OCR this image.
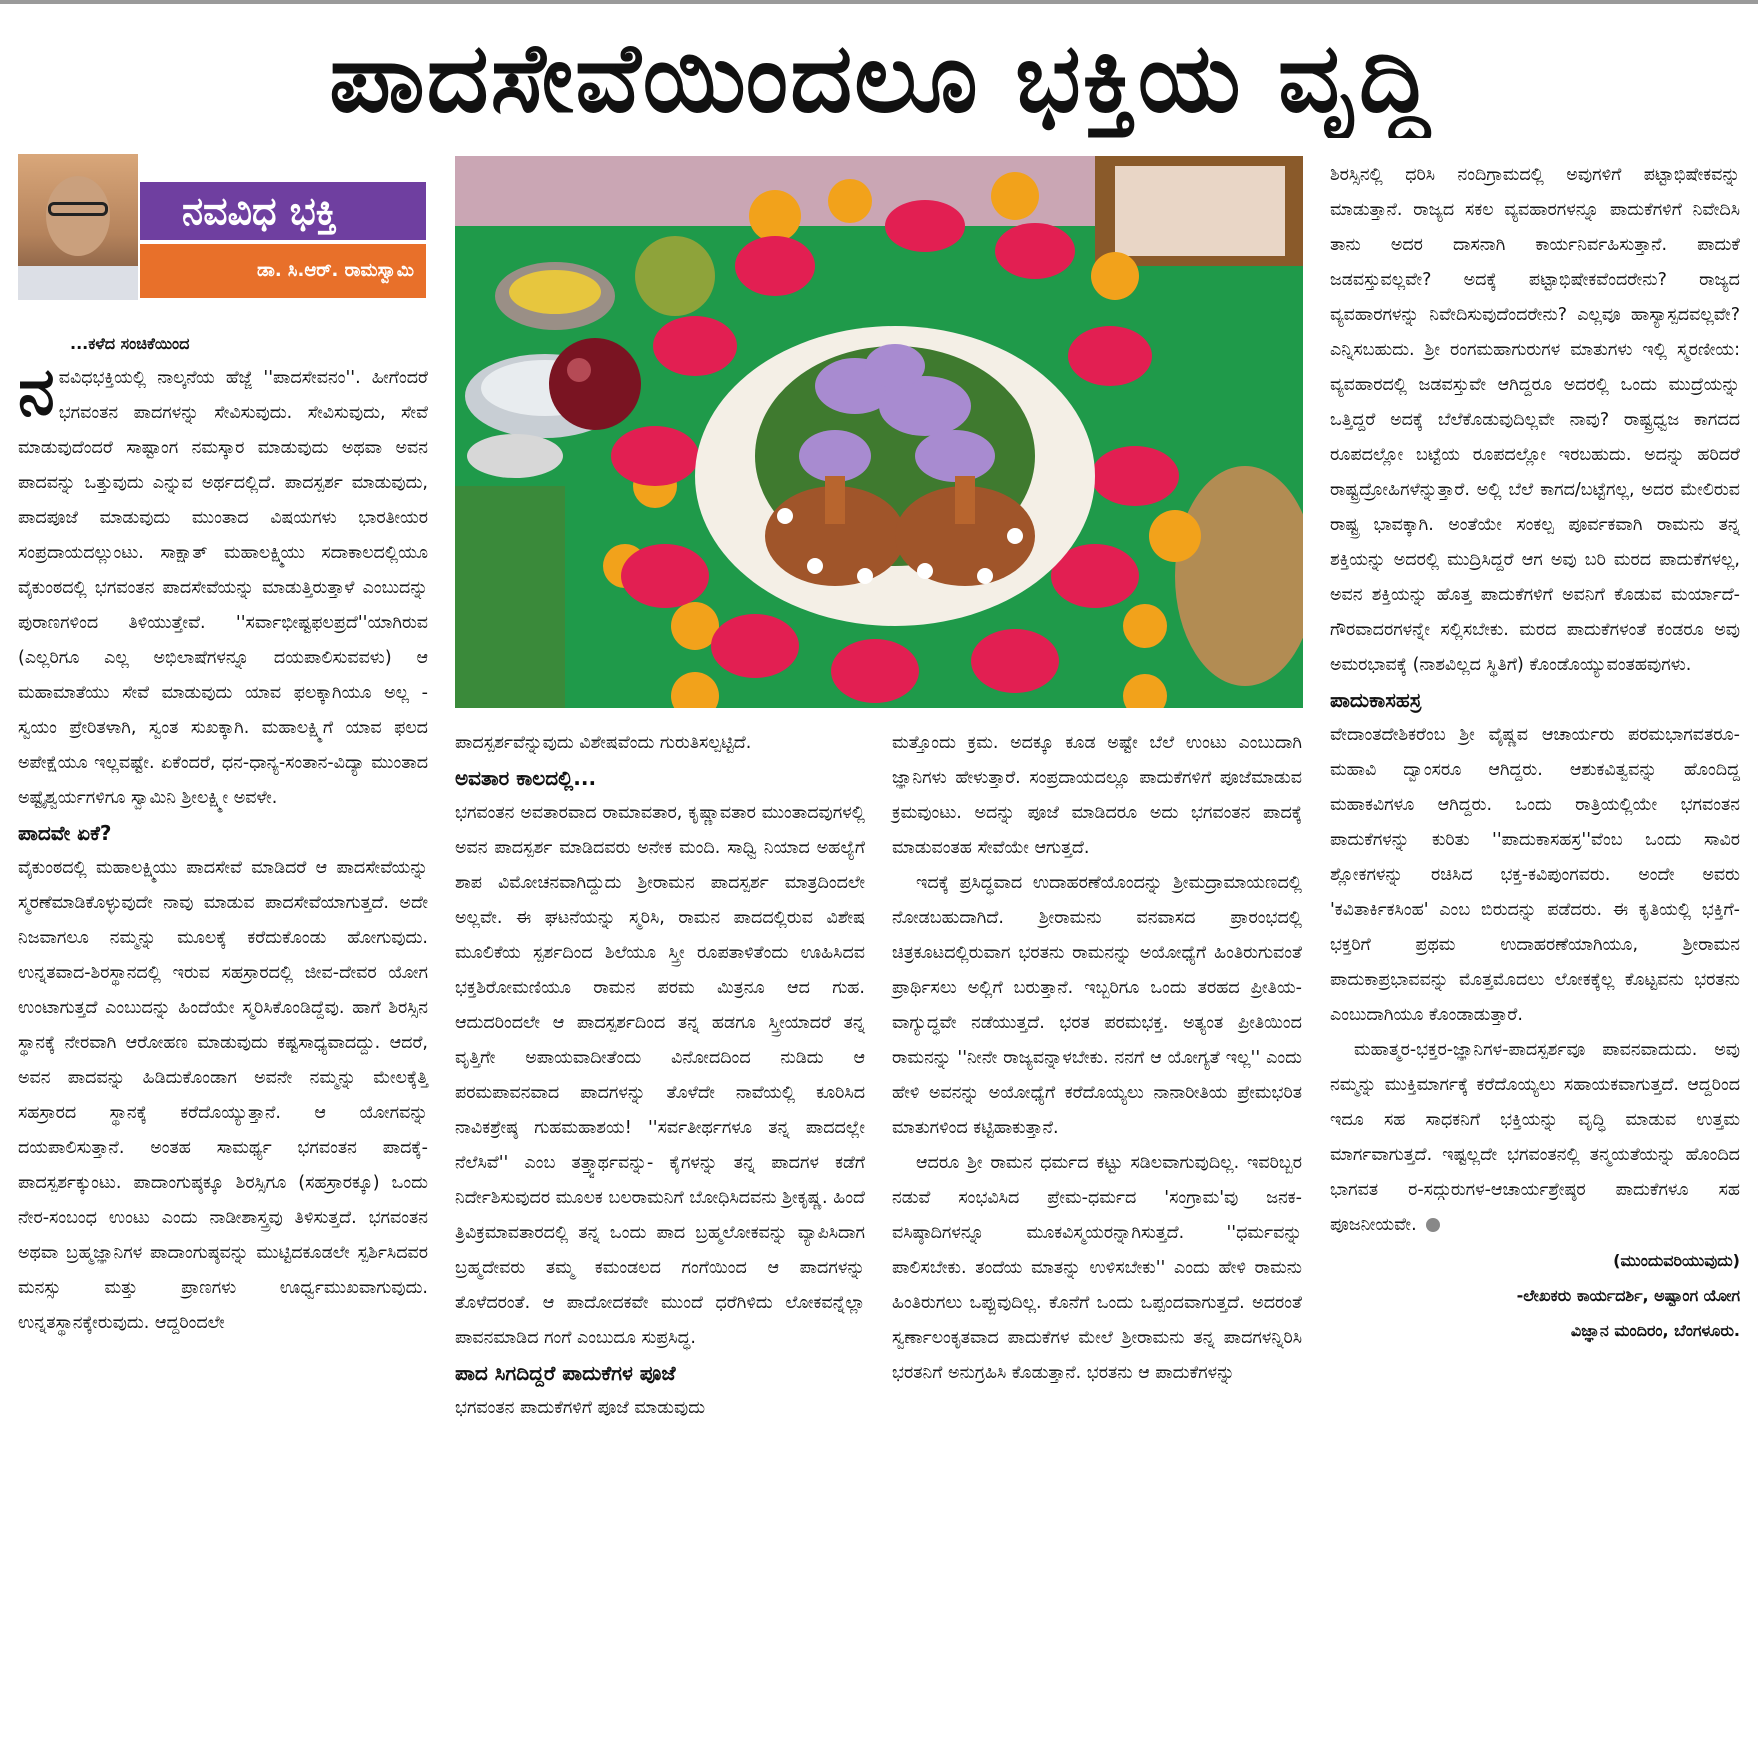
ಪಾದಸೇವೆಯಿಂದಲೂ ಭಕ್ತಿಯ ವೃದ್ಧಿ
ನವವಿಧ ಭಕ್ತಿ
ಡಾ. ಸಿ.ಆರ್. ರಾಮಸ್ವಾಮಿ

...ಕಳೆದ ಸಂಚಿಕೆಯಿಂದ

ನ ವವಿಧಭಕ್ತಿಯಲ್ಲಿ ನಾಲ್ಕನೆಯ ಹೆಜ್ಜೆ ''ಪಾದಸೇವನಂ''. ಹೀಗೆಂದರೆ ಭಗವಂತನ ಪಾದಗಳನ್ನು ಸೇವಿಸುವುದು. ಸೇವಿಸುವುದು, ಸೇವೆ ಮಾಡುವುದೆಂದರೆ ಸಾಷ್ಟಾಂಗ ನಮಸ್ಕಾರ ಮಾಡುವುದು ಅಥವಾ ಅವನ ಪಾದವನ್ನು ಒತ್ತುವುದು ಎನ್ನುವ ಅರ್ಥದಲ್ಲಿದೆ. ಪಾದಸ್ಪರ್ಶ ಮಾಡುವುದು, ಪಾದಪೂಜೆ ಮಾಡುವುದು ಮುಂತಾದ ವಿಷಯಗಳು ಭಾರತೀಯರ ಸಂಪ್ರದಾಯದಲ್ಲುಂಟು. ಸಾಕ್ಷಾತ್ ಮಹಾಲಕ್ಷ್ಮಿಯು ಸದಾಕಾಲದಲ್ಲಿಯೂ ವೈಕುಂಠದಲ್ಲಿ ಭಗವಂತನ ಪಾದಸೇವೆಯನ್ನು ಮಾಡುತ್ತಿರುತ್ತಾಳೆ ಎಂಬುದನ್ನು ಪುರಾಣಗಳಿಂದ ತಿಳಿಯುತ್ತೇವೆ. ''ಸರ್ವಾಭೀಷ್ಟಫಲಪ್ರದೆ''ಯಾಗಿರುವ (ಎಲ್ಲರಿಗೂ ಎಲ್ಲ ಅಭಿಲಾಷೆಗಳನ್ನೂ ದಯಪಾಲಿಸುವವಳು) ಆ ಮಹಾಮಾತೆಯು ಸೇವೆ ಮಾಡುವುದು ಯಾವ ಫಲಕ್ಕಾಗಿಯೂ ಅಲ್ಲ - ಸ್ವಯಂ ಪ್ರೇರಿತಳಾಗಿ, ಸ್ವಂತ ಸುಖಕ್ಕಾಗಿ. ಮಹಾಲಕ್ಷ್ಮಿಗೆ ಯಾವ ಫಲದ ಅಪೇಕ್ಷೆಯೂ ಇಲ್ಲವಷ್ಟೇ. ಏಕೆಂದರೆ, ಧನ-ಧಾನ್ಯ-ಸಂತಾನ-ವಿದ್ಯಾ ಮುಂತಾದ ಅಷ್ಟೈಶ್ವರ್ಯಗಳಿಗೂ ಸ್ವಾಮಿನಿ ಶ್ರೀಲಕ್ಷ್ಮೀ ಅವಳೇ.

ಪಾದವೇ ಏಕೆ?

ವೈಕುಂಠದಲ್ಲಿ ಮಹಾಲಕ್ಷ್ಮಿಯು ಪಾದಸೇವೆ ಮಾಡಿದರೆ ಆ ಪಾದಸೇವೆಯನ್ನು ಸ್ಮರಣೆಮಾಡಿಕೊಳ್ಳುವುದೇ ನಾವು ಮಾಡುವ ಪಾದಸೇವೆಯಾಗುತ್ತದೆ. ಅದೇ ನಿಜವಾಗಲೂ ನಮ್ಮನ್ನು ಮೂಲಕ್ಕೆ ಕರೆದುಕೊಂಡು ಹೋಗುವುದು. ಉನ್ನತವಾದ-ಶಿರಸ್ಥಾನದಲ್ಲಿ ಇರುವ ಸಹಸ್ರಾರದಲ್ಲಿ ಜೀವ-ದೇವರ ಯೋಗ ಉಂಟಾಗುತ್ತದೆ ಎಂಬುದನ್ನು ಹಿಂದೆಯೇ ಸ್ಮರಿಸಿಕೊಂಡಿದ್ದೆವು. ಹಾಗೆ ಶಿರಸ್ಸಿನ ಸ್ಥಾನಕ್ಕೆ ನೇರವಾಗಿ ಆರೋಹಣ ಮಾಡುವುದು ಕಷ್ಟಸಾಧ್ಯವಾದದ್ದು. ಆದರೆ, ಅವನ ಪಾದವನ್ನು ಹಿಡಿದುಕೊಂಡಾಗ ಅವನೇ ನಮ್ಮನ್ನು ಮೇಲಕ್ಕೆತ್ತಿ ಸಹಸ್ರಾರದ ಸ್ಥಾನಕ್ಕೆ ಕರೆದೊಯ್ಯುತ್ತಾನೆ. ಆ ಯೋಗವನ್ನು ದಯಪಾಲಿಸುತ್ತಾನೆ. ಅಂತಹ ಸಾಮರ್ಥ್ಯ ಭಗವಂತನ ಪಾದಕ್ಕೆ-ಪಾದಸ್ಪರ್ಶಕ್ಕುಂಟು. ಪಾದಾಂಗುಷ್ಠಕ್ಕೂ ಶಿರಸ್ಸಿಗೂ (ಸಹಸ್ರಾರಕ್ಕೂ) ಒಂದು ನೇರ-ಸಂಬಂಧ ಉಂಟು ಎಂದು ನಾಡೀಶಾಸ್ತ್ರವು ತಿಳಿಸುತ್ತದೆ. ಭಗವಂತನ ಅಥವಾ ಬ್ರಹ್ಮಜ್ಞಾನಿಗಳ ಪಾದಾಂಗುಷ್ಠವನ್ನು ಮುಟ್ಟಿದಕೂಡಲೇ ಸ್ಪರ್ಶಿಸಿದವರ ಮನಸ್ಸು ಮತ್ತು ಪ್ರಾಣಗಳು ಊರ್ಧ್ವಮುಖವಾಗುವುದು. ಉನ್ನತಸ್ಥಾನಕ್ಕೇರುವುದು. ಆದ್ದರಿಂದಲೇ

ಪಾದಸ್ಪರ್ಶವೆನ್ನುವುದು ವಿಶೇಷವೆಂದು ಗುರುತಿಸಲ್ಪಟ್ಟಿದೆ.

ಅವತಾರ ಕಾಲದಲ್ಲಿ...

ಭಗವಂತನ ಅವತಾರವಾದ ರಾಮಾವತಾರ, ಕೃಷ್ಣಾವತಾರ ಮುಂತಾದವುಗಳಲ್ಲಿ ಅವನ ಪಾದಸ್ಪರ್ಶ ಮಾಡಿದವರು ಅನೇಕ ಮಂದಿ. ಸಾಧ್ವಿ ನಿಯಾದ ಅಹಲ್ಯೆಗೆ ಶಾಪ ವಿಮೋಚನವಾಗಿದ್ದುದು ಶ್ರೀರಾಮನ ಪಾದಸ್ಪರ್ಶ ಮಾತ್ರದಿಂದಲೇ ಅಲ್ಲವೇ. ಈ ಘಟನೆಯನ್ನು ಸ್ಮರಿಸಿ, ರಾಮನ ಪಾದದಲ್ಲಿರುವ ವಿಶೇಷ ಮೂಲಿಕೆಯ ಸ್ಪರ್ಶದಿಂದ ಶಿಲೆಯೂ ಸ್ತ್ರೀ ರೂಪತಾಳಿತೆಂದು ಊಹಿಸಿದವ ಭಕ್ತಶಿರೋಮಣಿಯೂ ರಾಮನ ಪರಮ ಮಿತ್ರನೂ ಆದ ಗುಹ. ಆದುದರಿಂದಲೇ ಆ ಪಾದಸ್ಪರ್ಶದಿಂದ ತನ್ನ ಹಡಗೂ ಸ್ತ್ರೀಯಾದರೆ ತನ್ನ ವೃತ್ತಿಗೇ ಅಪಾಯವಾದೀತೆಂದು ವಿನೋದದಿಂದ ನುಡಿದು ಆ ಪರಮಪಾವನವಾದ ಪಾದಗಳನ್ನು ತೊಳೆದೇ ನಾವೆಯಲ್ಲಿ ಕೂರಿಸಿದ ನಾವಿಕಶ್ರೇಷ್ಠ ಗುಹಮಹಾಶಯ! ''ಸರ್ವತೀರ್ಥಗಳೂ ತನ್ನ ಪಾದದಲ್ಲೇ ನೆಲೆಸಿವೆ'' ಎಂಬ ತತ್ತ್ವಾರ್ಥವನ್ನು- ಕೈಗಳನ್ನು ತನ್ನ ಪಾದಗಳ ಕಡೆಗೆ ನಿರ್ದೇಶಿಸುವುದರ ಮೂಲಕ ಬಲರಾಮನಿಗೆ ಬೋಧಿಸಿದವನು ಶ್ರೀಕೃಷ್ಣ. ಹಿಂದೆ ತ್ರಿವಿಕ್ರಮಾವತಾರದಲ್ಲಿ ತನ್ನ ಒಂದು ಪಾದ ಬ್ರಹ್ಮಲೋಕವನ್ನು ವ್ಯಾಪಿಸಿದಾಗ ಬ್ರಹ್ಮದೇವರು ತಮ್ಮ ಕಮಂಡಲದ ಗಂಗೆಯಿಂದ ಆ ಪಾದಗಳನ್ನು ತೊಳೆದರಂತೆ. ಆ ಪಾದೋದಕವೇ ಮುಂದೆ ಧರೆಗಿಳಿದು ಲೋಕವನ್ನೆಲ್ಲಾ ಪಾವನಮಾಡಿದ ಗಂಗೆ ಎಂಬುದೂ ಸುಪ್ರಸಿದ್ಧ.

ಪಾದ ಸಿಗದಿದ್ದರೆ ಪಾದುಕೆಗಳ ಪೂಜೆ

ಭಗವಂತನ ಪಾದುಕೆಗಳಿಗೆ ಪೂಜೆ ಮಾಡುವುದು

ಮತ್ತೊಂದು ಕ್ರಮ. ಅದಕ್ಕೂ ಕೂಡ ಅಷ್ಟೇ ಬೆಲೆ ಉಂಟು ಎಂಬುದಾಗಿ ಜ್ಞಾನಿಗಳು ಹೇಳುತ್ತಾರೆ. ಸಂಪ್ರದಾಯದಲ್ಲೂ ಪಾದುಕೆಗಳಿಗೆ ಪೂಜೆಮಾಡುವ ಕ್ರಮವುಂಟು. ಅದನ್ನು ಪೂಜೆ ಮಾಡಿದರೂ ಅದು ಭಗವಂತನ ಪಾದಕ್ಕೆ ಮಾಡುವಂತಹ ಸೇವೆಯೇ ಆಗುತ್ತದೆ.

ಇದಕ್ಕೆ ಪ್ರಸಿದ್ಧವಾದ ಉದಾಹರಣೆಯೊಂದನ್ನು ಶ್ರೀಮದ್ರಾಮಾಯಣದಲ್ಲಿ ನೋಡಬಹುದಾಗಿದೆ. ಶ್ರೀರಾಮನು ವನವಾಸದ ಪ್ರಾರಂಭದಲ್ಲಿ ಚಿತ್ರಕೂಟದಲ್ಲಿರುವಾಗ ಭರತನು ರಾಮನನ್ನು ಅಯೋಧ್ಯೆಗೆ ಹಿಂತಿರುಗುವಂತೆ ಪ್ರಾರ್ಥಿಸಲು ಅಲ್ಲಿಗೆ ಬರುತ್ತಾನೆ. ಇಬ್ಬರಿಗೂ ಒಂದು ತರಹದ ಪ್ರೀತಿಯ-ವಾಗ್ಯುದ್ಧವೇ ನಡೆಯುತ್ತದೆ. ಭರತ ಪರಮಭಕ್ತ. ಅತ್ಯಂತ ಪ್ರೀತಿಯಿಂದ ರಾಮನನ್ನು ''ನೀನೇ ರಾಜ್ಯವನ್ನಾಳಬೇಕು. ನನಗೆ ಆ ಯೋಗ್ಯತೆ ಇಲ್ಲ'' ಎಂದು ಹೇಳಿ ಅವನನ್ನು ಅಯೋಧ್ಯೆಗೆ ಕರೆದೊಯ್ಯಲು ನಾನಾರೀತಿಯ ಪ್ರೇಮಭರಿತ ಮಾತುಗಳಿಂದ ಕಟ್ಟಿಹಾಕುತ್ತಾನೆ.

ಆದರೂ ಶ್ರೀ ರಾಮನ ಧರ್ಮದ ಕಟ್ಟು ಸಡಿಲವಾಗುವುದಿಲ್ಲ. ಇವರಿಬ್ಬರ ನಡುವೆ ಸಂಭವಿಸಿದ ಪ್ರೇಮ-ಧರ್ಮದ 'ಸಂಗ್ರಾಮ'ವು ಜನಕ-ವಸಿಷ್ಠಾದಿಗಳನ್ನೂ ಮೂಕವಿಸ್ಮಯರನ್ನಾಗಿಸುತ್ತದೆ. ''ಧರ್ಮವನ್ನು ಪಾಲಿಸಬೇಕು. ತಂದೆಯ ಮಾತನ್ನು ಉಳಿಸಬೇಕು'' ಎಂದು ಹೇಳಿ ರಾಮನು ಹಿಂತಿರುಗಲು ಒಪ್ಪುವುದಿಲ್ಲ. ಕೊನೆಗೆ ಒಂದು ಒಪ್ಪಂದವಾಗುತ್ತದೆ. ಅದರಂತೆ ಸ್ವರ್ಣಾಲಂಕೃತವಾದ ಪಾದುಕೆಗಳ ಮೇಲೆ ಶ್ರೀರಾಮನು ತನ್ನ ಪಾದಗಳನ್ನಿರಿಸಿ ಭರತನಿಗೆ ಅನುಗ್ರಹಿಸಿ ಕೊಡುತ್ತಾನೆ. ಭರತನು ಆ ಪಾದುಕೆಗಳನ್ನು

ಶಿರಸ್ಸಿನಲ್ಲಿ ಧರಿಸಿ ನಂದಿಗ್ರಾಮದಲ್ಲಿ ಅವುಗಳಿಗೆ ಪಟ್ಟಾಭಿಷೇಕವನ್ನು ಮಾಡುತ್ತಾನೆ. ರಾಜ್ಯದ ಸಕಲ ವ್ಯವಹಾರಗಳನ್ನೂ ಪಾದುಕೆಗಳಿಗೆ ನಿವೇದಿಸಿ ತಾನು ಅದರ ದಾಸನಾಗಿ ಕಾರ್ಯನಿರ್ವಹಿಸುತ್ತಾನೆ. ಪಾದುಕೆ ಜಡವಸ್ತುವಲ್ಲವೇ? ಅದಕ್ಕೆ ಪಟ್ಟಾಭಿಷೇಕವೆಂದರೇನು? ರಾಜ್ಯದ ವ್ಯವಹಾರಗಳನ್ನು ನಿವೇದಿಸುವುದೆಂದರೇನು? ಎಲ್ಲವೂ ಹಾಸ್ಯಾಸ್ಪದವಲ್ಲವೇ? ಎನ್ನಿಸಬಹುದು. ಶ್ರೀ ರಂಗಮಹಾಗುರುಗಳ ಮಾತುಗಳು ಇಲ್ಲಿ ಸ್ಮರಣೀಯ: ವ್ಯವಹಾರದಲ್ಲಿ ಜಡವಸ್ತುವೇ ಆಗಿದ್ದರೂ ಅದರಲ್ಲಿ ಒಂದು ಮುದ್ರೆಯನ್ನು ಒತ್ತಿದ್ದರೆ ಅದಕ್ಕೆ ಬೆಲೆಕೊಡುವುದಿಲ್ಲವೇ ನಾವು? ರಾಷ್ಟ್ರಧ್ವಜ ಕಾಗದದ ರೂಪದಲ್ಲೋ ಬಟ್ಟೆಯ ರೂಪದಲ್ಲೋ ಇರಬಹುದು. ಅದನ್ನು ಹರಿದರೆ ರಾಷ್ಟ್ರದ್ರೋಹಿಗಳೆನ್ನುತ್ತಾರೆ. ಅಲ್ಲಿ ಬೆಲೆ ಕಾಗದ/ಬಟ್ಟೆಗಲ್ಲ, ಅದರ ಮೇಲಿರುವ ರಾಷ್ಟ್ರ ಭಾವಕ್ಕಾಗಿ. ಅಂತೆಯೇ ಸಂಕಲ್ಪ ಪೂರ್ವಕವಾಗಿ ರಾಮನು ತನ್ನ ಶಕ್ತಿಯನ್ನು ಅದರಲ್ಲಿ ಮುದ್ರಿಸಿದ್ದರೆ ಆಗ ಅವು ಬರಿ ಮರದ ಪಾದುಕೆಗಳಲ್ಲ, ಅವನ ಶಕ್ತಿಯನ್ನು ಹೊತ್ತ ಪಾದುಕೆಗಳಿಗೆ ಅವನಿಗೆ ಕೊಡುವ ಮರ್ಯಾದೆ-ಗೌರವಾದರಗಳನ್ನೇ ಸಲ್ಲಿಸಬೇಕು. ಮರದ ಪಾದುಕೆಗಳಂತೆ ಕಂಡರೂ ಅವು ಅಮರಭಾವಕ್ಕೆ (ನಾಶವಿಲ್ಲದ ಸ್ಥಿತಿಗೆ) ಕೊಂಡೊಯ್ಯುವಂತಹವುಗಳು.

ಪಾದುಕಾಸಹಸ್ರ

ವೇದಾಂತದೇಶಿಕರೆಂಬ ಶ್ರೀ ವೈಷ್ಣವ ಆಚಾರ್ಯರು ಪರಮಭಾಗವತರೂ-ಮಹಾವಿ ದ್ವಾಂಸರೂ ಆಗಿದ್ದರು. ಆಶುಕವಿತ್ವವನ್ನು ಹೊಂದಿದ್ದ ಮಹಾಕವಿಗಳೂ ಆಗಿದ್ದರು. ಒಂದು ರಾತ್ರಿಯಲ್ಲಿಯೇ ಭಗವಂತನ ಪಾದುಕೆಗಳನ್ನು ಕುರಿತು ''ಪಾದುಕಾಸಹಸ್ರ''ವೆಂಬ ಒಂದು ಸಾವಿರ ಶ್ಲೋಕಗಳನ್ನು ರಚಿಸಿದ ಭಕ್ತ-ಕವಿಪುಂಗವರು. ಅಂದೇ ಅವರು 'ಕವಿತಾರ್ಕಿಕಸಿಂಹ' ಎಂಬ ಬಿರುದನ್ನು ಪಡೆದರು. ಈ ಕೃತಿಯಲ್ಲಿ ಭಕ್ತಿಗೆ-ಭಕ್ತರಿಗೆ ಪ್ರಥಮ ಉದಾಹರಣೆಯಾಗಿಯೂ, ಶ್ರೀರಾಮನ ಪಾದುಕಾಪ್ರಭಾವವನ್ನು ಮೊತ್ತಮೊದಲು ಲೋಕಕ್ಕೆಲ್ಲ ಕೊಟ್ಟವನು ಭರತನು ಎಂಬುದಾಗಿಯೂ ಕೊಂಡಾಡುತ್ತಾರೆ.

ಮಹಾತ್ಮರ-ಭಕ್ತರ-ಜ್ಞಾನಿಗಳ-ಪಾದಸ್ಪರ್ಶವೂ ಪಾವನವಾದುದು. ಅವು ನಮ್ಮನ್ನು ಮುಕ್ತಿಮಾರ್ಗಕ್ಕೆ ಕರೆದೊಯ್ಯಲು ಸಹಾಯಕವಾಗುತ್ತದೆ. ಆದ್ದರಿಂದ ಇದೂ ಸಹ ಸಾಧಕನಿಗೆ ಭಕ್ತಿಯನ್ನು ವೃದ್ಧಿ ಮಾಡುವ ಉತ್ತಮ ಮಾರ್ಗವಾಗುತ್ತದೆ. ಇಷ್ಟಲ್ಲದೇ ಭಗವಂತನಲ್ಲಿ ತನ್ಮಯತೆಯನ್ನು ಹೊಂದಿದ ಭಾಗವತ ರ-ಸದ್ಗುರುಗಳ-ಆಚಾರ್ಯಶ್ರೇಷ್ಠರ ಪಾದುಕೆಗಳೂ ಸಹ ಪೂಜನೀಯವೇ.

(ಮುಂದುವರಿಯುವುದು)

-ಲೇಖಕರು ಕಾರ್ಯದರ್ಶಿ, ಅಷ್ಟಾಂಗ ಯೋಗ

ವಿಜ್ಞಾನ ಮಂದಿರಂ, ಬೆಂಗಳೂರು.
